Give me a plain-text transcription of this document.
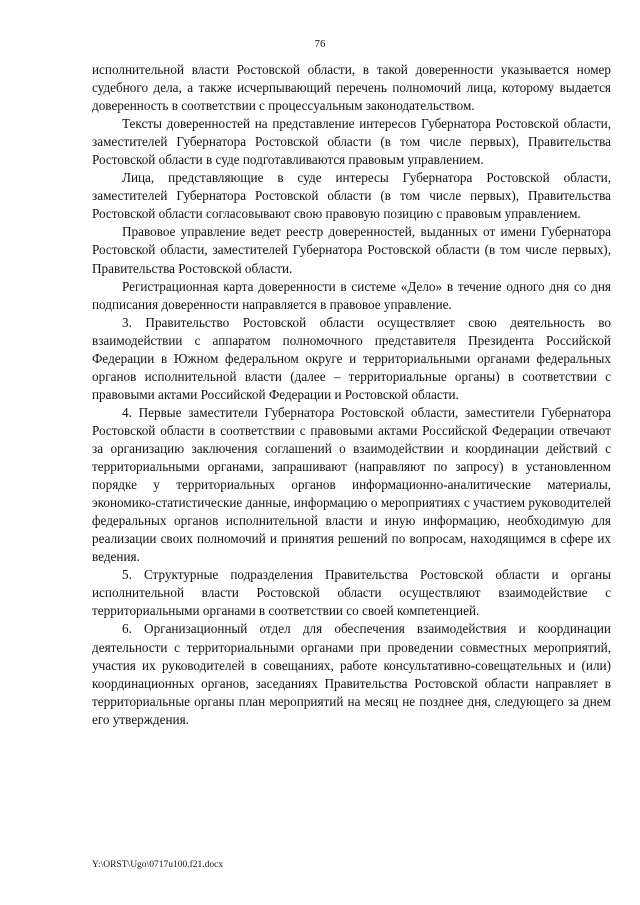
76

исполнительной власти Ростовской области, в такой доверенности указывается номер судебного дела, а также исчерпывающий перечень полномочий лица, которому выдается доверенность в соответствии с процессуальным законодательством.

Тексты доверенностей на представление интересов Губернатора Ростовской области, заместителей Губернатора Ростовской области (в том числе первых), Правительства Ростовской области в суде подготавливаются правовым управлением.

Лица, представляющие в суде интересы Губернатора Ростовской области, заместителей Губернатора Ростовской области (в том числе первых), Правительства Ростовской области согласовывают свою правовую позицию с правовым управлением.

Правовое управление ведет реестр доверенностей, выданных от имени Губернатора Ростовской области, заместителей Губернатора Ростовской области (в том числе первых), Правительства Ростовской области.

Регистрационная карта доверенности в системе «Дело» в течение одного дня со дня подписания доверенности направляется в правовое управление.

3. Правительство Ростовской области осуществляет свою деятельность во взаимодействии с аппаратом полномочного представителя Президента Российской Федерации в Южном федеральном округе и территориальными органами федеральных органов исполнительной власти (далее – территориальные органы) в соответствии с правовыми актами Российской Федерации и Ростовской области.

4. Первые заместители Губернатора Ростовской области, заместители Губернатора Ростовской области в соответствии с правовыми актами Российской Федерации отвечают за организацию заключения соглашений о взаимодействии и координации действий с территориальными органами, запрашивают (направляют по запросу) в установленном порядке у территориальных органов информационно-аналитические материалы, экономико-статистические данные, информацию о мероприятиях с участием руководителей федеральных органов исполнительной власти и иную информацию, необходимую для реализации своих полномочий и принятия решений по вопросам, находящимся в сфере их ведения.

5. Структурные подразделения Правительства Ростовской области и органы исполнительной власти Ростовской области осуществляют взаимодействие с территориальными органами в соответствии со своей компетенцией.

6. Организационный отдел для обеспечения взаимодействия и координации деятельности с территориальными органами при проведении совместных мероприятий, участия их руководителей в совещаниях, работе консультативно-совещательных и (или) координационных органов, заседаниях Правительства Ростовской области направляет в территориальные органы план мероприятий на месяц не позднее дня, следующего за днем его утверждения.

Y:\ORST\Ugo\0717u100.f21.docx
